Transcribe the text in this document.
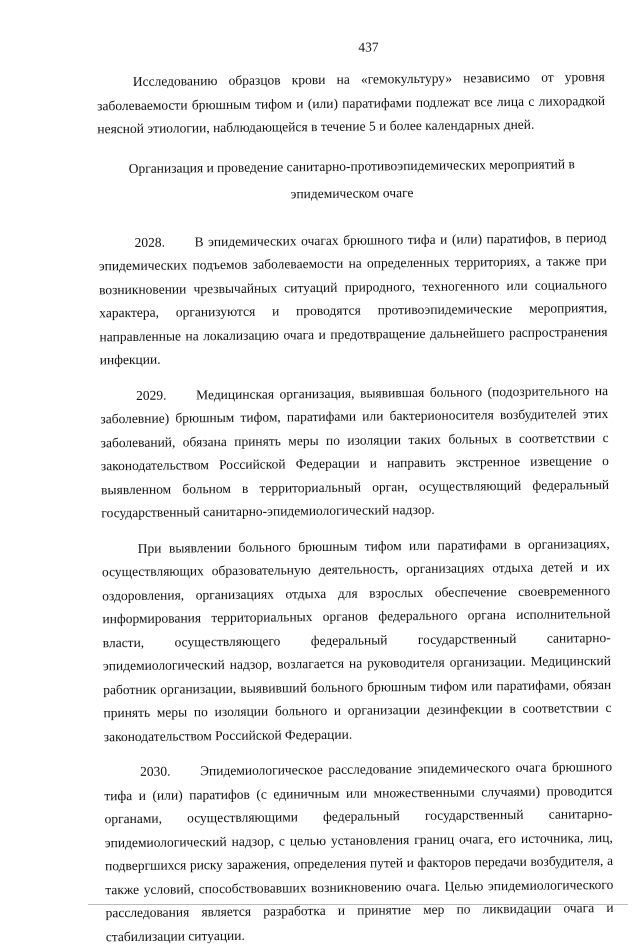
437

Исследованию образцов крови на «гемокультуру» независимо от уровня заболеваемости брюшным тифом и (или) паратифами подлежат все лица с лихорадкой неясной этиологии, наблюдающейся в течение 5 и более календарных дней.

Организация и проведение санитарно-противоэпидемических мероприятий в эпидемическом очаге

2028. В эпидемических очагах брюшного тифа и (или) паратифов, в период эпидемических подъемов заболеваемости на определенных территориях, а также при возникновении чрезвычайных ситуаций природного, техногенного или социального характера, организуются и проводятся противоэпидемические мероприятия, направленные на локализацию очага и предотвращение дальнейшего распространения инфекции.

2029. Медицинская организация, выявившая больного (подозрительного на заболевние) брюшным тифом, паратифами или бактерионосителя возбудителей этих заболеваний, обязана принять меры по изоляции таких больных в соответствии с законодательством Российской Федерации и направить экстренное извещение о выявленном больном в территориальный орган, осуществляющий федеральный государственный санитарно-эпидемиологический надзор.

При выявлении больного брюшным тифом или паратифами в организациях, осуществляющих образовательную деятельность, организациях отдыха детей и их оздоровления, организациях отдыха для взрослых обеспечение своевременного информирования территориальных органов федерального органа исполнительной власти, осуществляющего федеральный государственный санитарно-эпидемиологический надзор, возлагается на руководителя организации. Медицинский работник организации, выявивший больного брюшным тифом или паратифами, обязан принять меры по изоляции больного и организации дезинфекции в соответствии с законодательством Российской Федерации.

2030. Эпидемиологическое расследование эпидемического очага брюшного тифа и (или) паратифов (с единичным или множественными случаями) проводится органами, осуществляющими федеральный государственный санитарно-эпидемиологический надзор, с целью установления границ очага, его источника, лиц, подвергшихся риску заражения, определения путей и факторов передачи возбудителя, а также условий, способствовавших возникновению очага. Целью эпидемиологического расследования является разработка и принятие мер по ликвидации очага и стабилизации ситуации.
